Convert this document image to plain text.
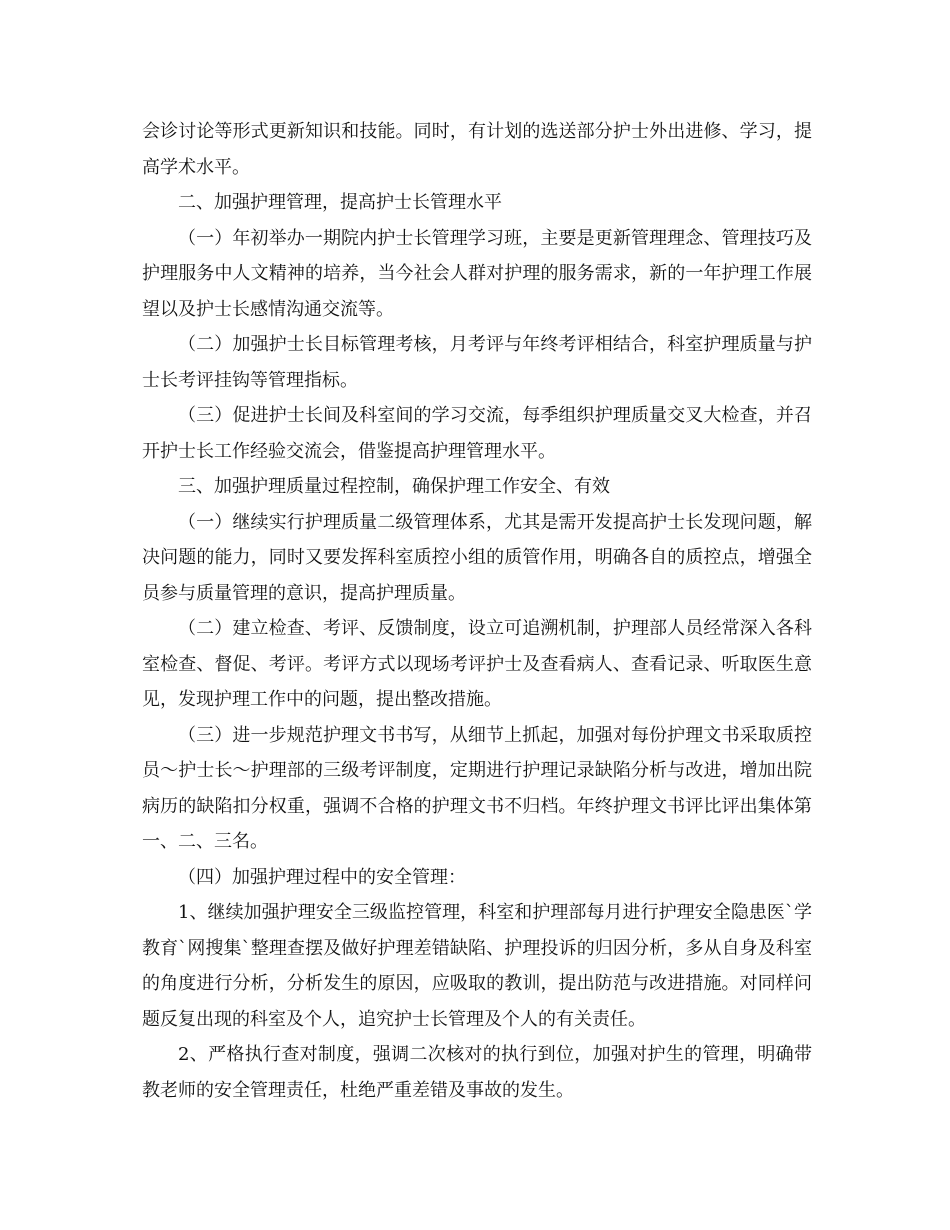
会诊讨论等形式更新知识和技能。同时，有计划的选送部分护士外出进修、学习，提高学术水平。

二、加强护理管理，提高护士长管理水平

（一）年初举办一期院内护士长管理学习班，主要是更新管理理念、管理技巧及护理服务中人文精神的培养，当今社会人群对护理的服务需求，新的一年护理工作展望以及护士长感情沟通交流等。

（二）加强护士长目标管理考核，月考评与年终考评相结合，科室护理质量与护士长考评挂钩等管理指标。

（三）促进护士长间及科室间的学习交流，每季组织护理质量交叉大检查，并召开护士长工作经验交流会，借鉴提高护理管理水平。

三、加强护理质量过程控制，确保护理工作安全、有效

（一）继续实行护理质量二级管理体系，尤其是需开发提高护士长发现问题，解决问题的能力，同时又要发挥科室质控小组的质管作用，明确各自的质控点，增强全员参与质量管理的意识，提高护理质量。

（二）建立检查、考评、反馈制度，设立可追溯机制，护理部人员经常深入各科室检查、督促、考评。考评方式以现场考评护士及查看病人、查看记录、听取医生意见，发现护理工作中的问题，提出整改措施。

（三）进一步规范护理文书书写，从细节上抓起，加强对每份护理文书采取质控员～护士长～护理部的三级考评制度，定期进行护理记录缺陷分析与改进，增加出院病历的缺陷扣分权重，强调不合格的护理文书不归档。年终护理文书评比评出集体第一、二、三名。

（四）加强护理过程中的安全管理：

1、继续加强护理安全三级监控管理，科室和护理部每月进行护理安全隐患医`学教育`网搜集`整理查摆及做好护理差错缺陷、护理投诉的归因分析，多从自身及科室的角度进行分析，分析发生的原因，应吸取的教训，提出防范与改进措施。对同样问题反复出现的科室及个人，追究护士长管理及个人的有关责任。

2、严格执行查对制度，强调二次核对的执行到位，加强对护生的管理，明确带教老师的安全管理责任，杜绝严重差错及事故的发生。
